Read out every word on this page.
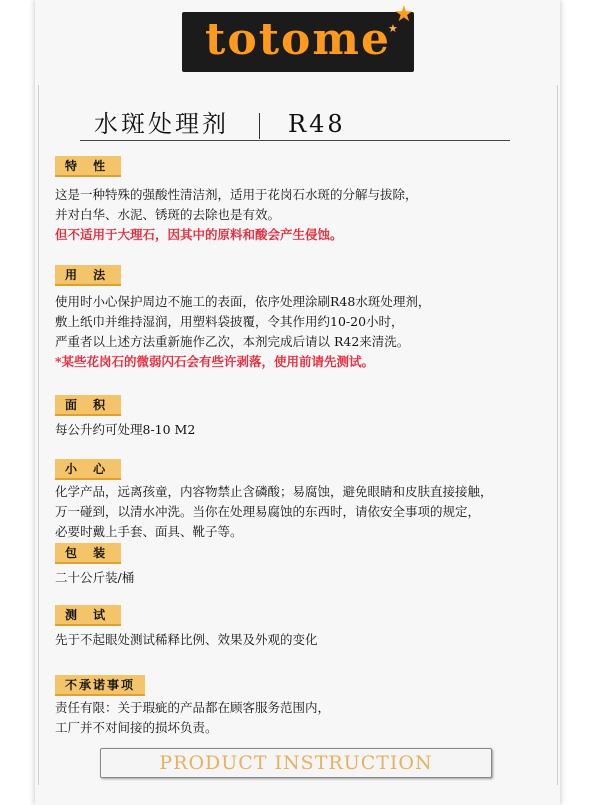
totome ★
★
水斑处理剂 R48
特 性
这是一种特殊的强酸性清洁剂，适用于花岗石水斑的分解与拔除，
并对白华、水泥、锈斑的去除也是有效。
但不适用于大理石，因其中的原料和酸会产生侵蚀。
用 法
使用时小心保护周边不施工的表面，依序处理涂刷R48水斑处理剂，
敷上纸巾并维持湿润，用塑料袋披覆，令其作用约10-20小时，
严重者以上述方法重新施作乙次，本剂完成后请以 R42来清洗。
*某些花岗石的微弱闪石会有些许剥落，使用前请先测试。
面 积
每公升约可处理8-10 M2
小 心
化学产品，远离孩童，内容物禁止含磷酸；易腐蚀，避免眼睛和皮肤直接接触，
万一碰到，以清水冲洗。当你在处理易腐蚀的东西时，请依安全事项的规定，
必要时戴上手套、面具、靴子等。
包 装
二十公斤装/桶
测 试
先于不起眼处测试稀释比例、效果及外观的变化
不承诺事项
责任有限：关于瑕疵的产品都在顾客服务范围内，
工厂并不对间接的损坏负责。
PRODUCT INSTRUCTION
